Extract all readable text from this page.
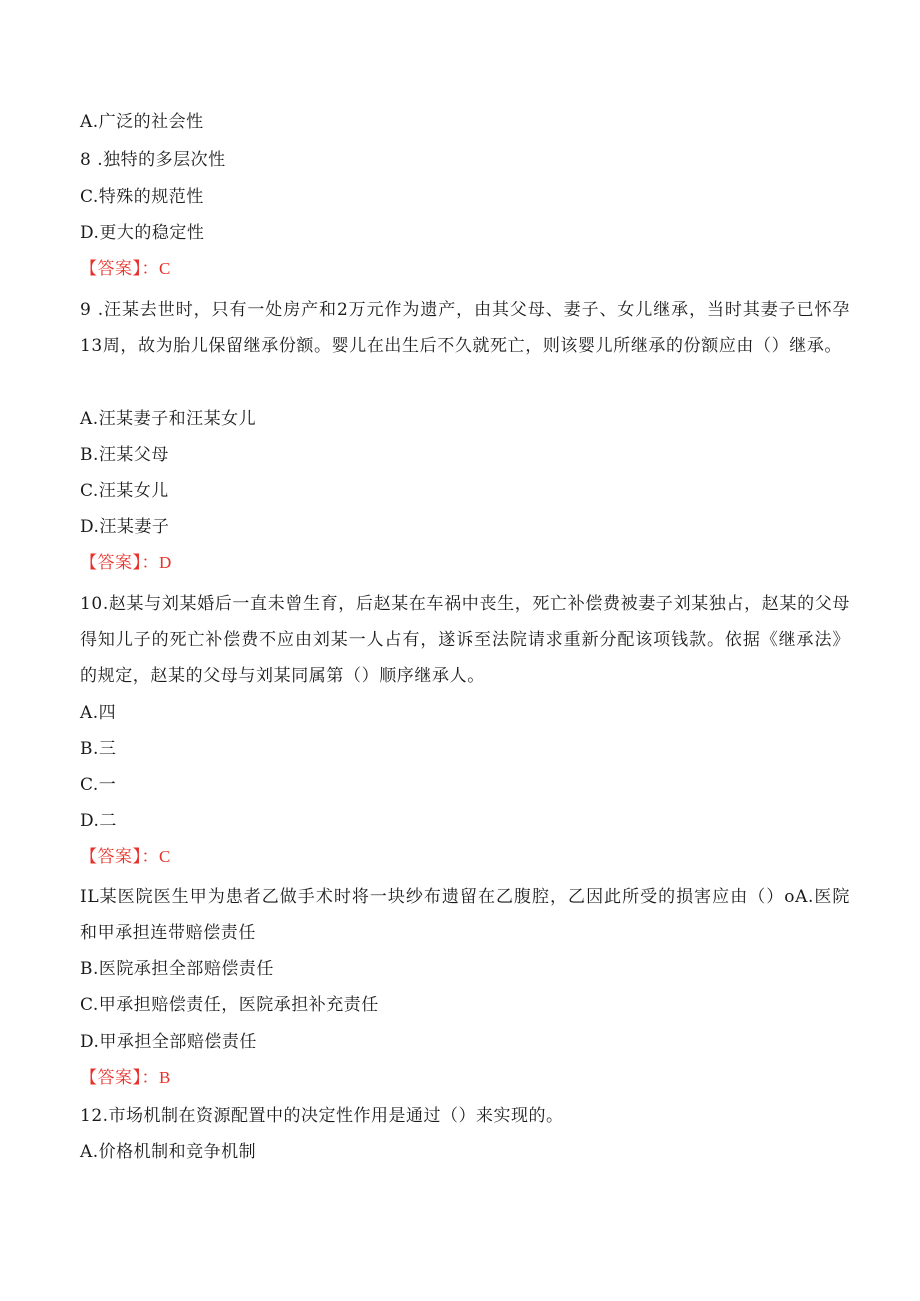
A.广泛的社会性
8 .独特的多层次性
C.特殊的规范性
D.更大的稳定性
【答案】：C
9 .汪某去世时，只有一处房产和2万元作为遗产，由其父母、妻子、女儿继承，当时其妻子已怀孕13周，故为胎儿保留继承份额。婴儿在出生后不久就死亡，则该婴儿所继承的份额应由（）继承。
A.汪某妻子和汪某女儿
B.汪某父母
C.汪某女儿
D.汪某妻子
【答案】：D
10.赵某与刘某婚后一直未曾生育，后赵某在车祸中丧生，死亡补偿费被妻子刘某独占，赵某的父母得知儿子的死亡补偿费不应由刘某一人占有，遂诉至法院请求重新分配该项钱款。依据《继承法》的规定，赵某的父母与刘某同属第（）顺序继承人。
A.四
B.三
C.一
D.二
【答案】：C
IL某医院医生甲为患者乙做手术时将一块纱布遗留在乙腹腔，乙因此所受的损害应由（）oA.医院和甲承担连带赔偿责任
B.医院承担全部赔偿责任
C.甲承担赔偿责任，医院承担补充责任
D.甲承担全部赔偿责任
【答案】：B
12.市场机制在资源配置中的决定性作用是通过（）来实现的。
A.价格机制和竞争机制
